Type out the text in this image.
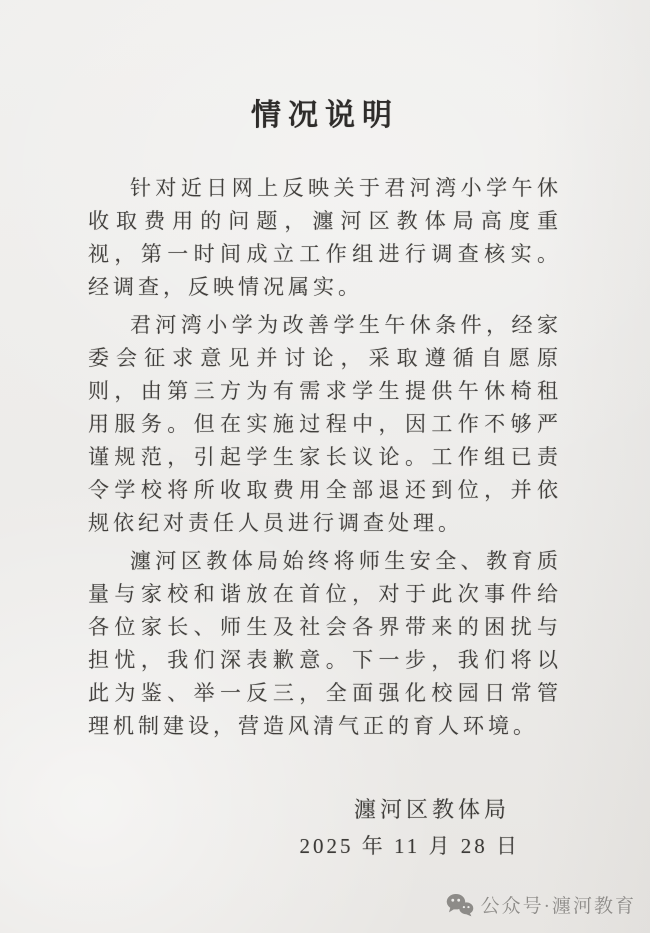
情况说明

针对近日网上反映关于君河湾小学午休收取费用的问题，瀍河区教体局高度重视，第一时间成立工作组进行调查核实。经调查，反映情况属实。

君河湾小学为改善学生午休条件，经家委会征求意见并讨论，采取遵循自愿原则，由第三方为有需求学生提供午休椅租用服务。但在实施过程中，因工作不够严谨规范，引起学生家长议论。工作组已责令学校将所收取费用全部退还到位，并依规依纪对责任人员进行调查处理。

瀍河区教体局始终将师生安全、教育质量与家校和谐放在首位，对于此次事件给各位家长、师生及社会各界带来的困扰与担忧，我们深表歉意。下一步，我们将以此为鉴、举一反三，全面强化校园日常管理机制建设，营造风清气正的育人环境。

瀍河区教体局
2025 年 11 月 28 日
公众号·瀍河教育
